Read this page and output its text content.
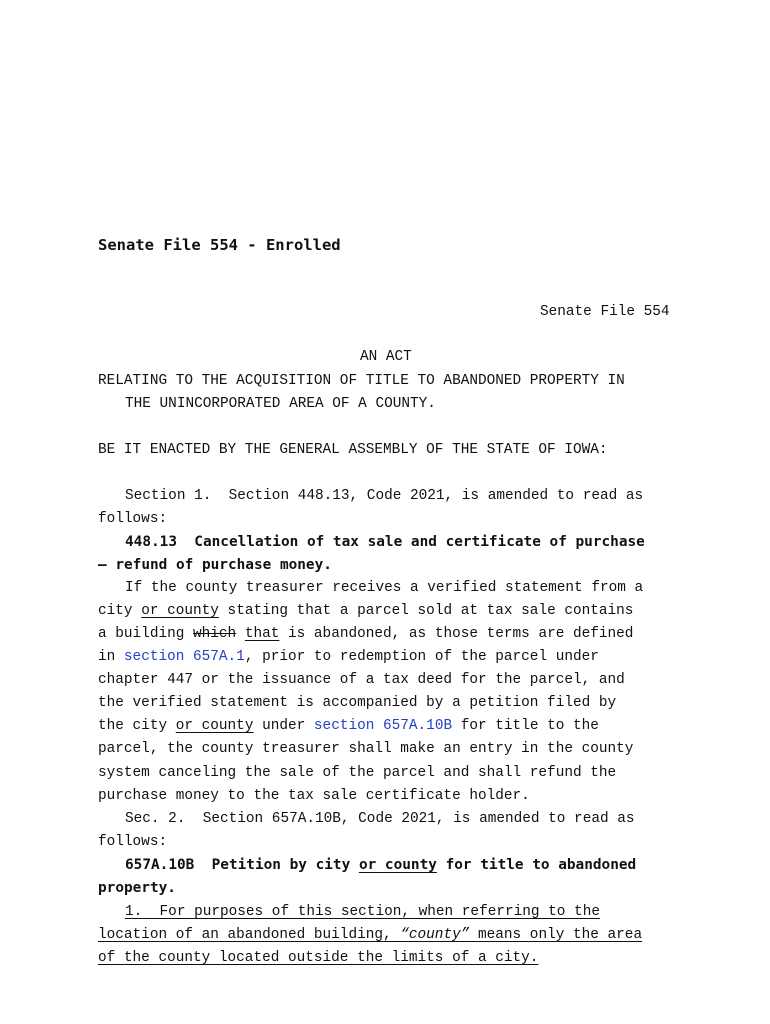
Senate File 554 - Enrolled
Senate File 554
AN ACT
RELATING TO THE ACQUISITION OF TITLE TO ABANDONED PROPERTY IN
THE UNINCORPORATED AREA OF A COUNTY.
BE IT ENACTED BY THE GENERAL ASSEMBLY OF THE STATE OF IOWA:
Section 1.  Section 448.13, Code 2021, is amended to read as
follows:
448.13  Cancellation of tax sale and certificate of purchase
— refund of purchase money.
If the county treasurer receives a verified statement from a
city or county stating that a parcel sold at tax sale contains
a building which that is abandoned, as those terms are defined
in section 657A.1, prior to redemption of the parcel under
chapter 447 or the issuance of a tax deed for the parcel, and
the verified statement is accompanied by a petition filed by
the city or county under section 657A.10B for title to the
parcel, the county treasurer shall make an entry in the county
system canceling the sale of the parcel and shall refund the
purchase money to the tax sale certificate holder.
Sec. 2.  Section 657A.10B, Code 2021, is amended to read as
follows:
657A.10B  Petition by city or county for title to abandoned
property.
1.  For purposes of this section, when referring to the
location of an abandoned building, “county” means only the area
of the county located outside the limits of a city.
